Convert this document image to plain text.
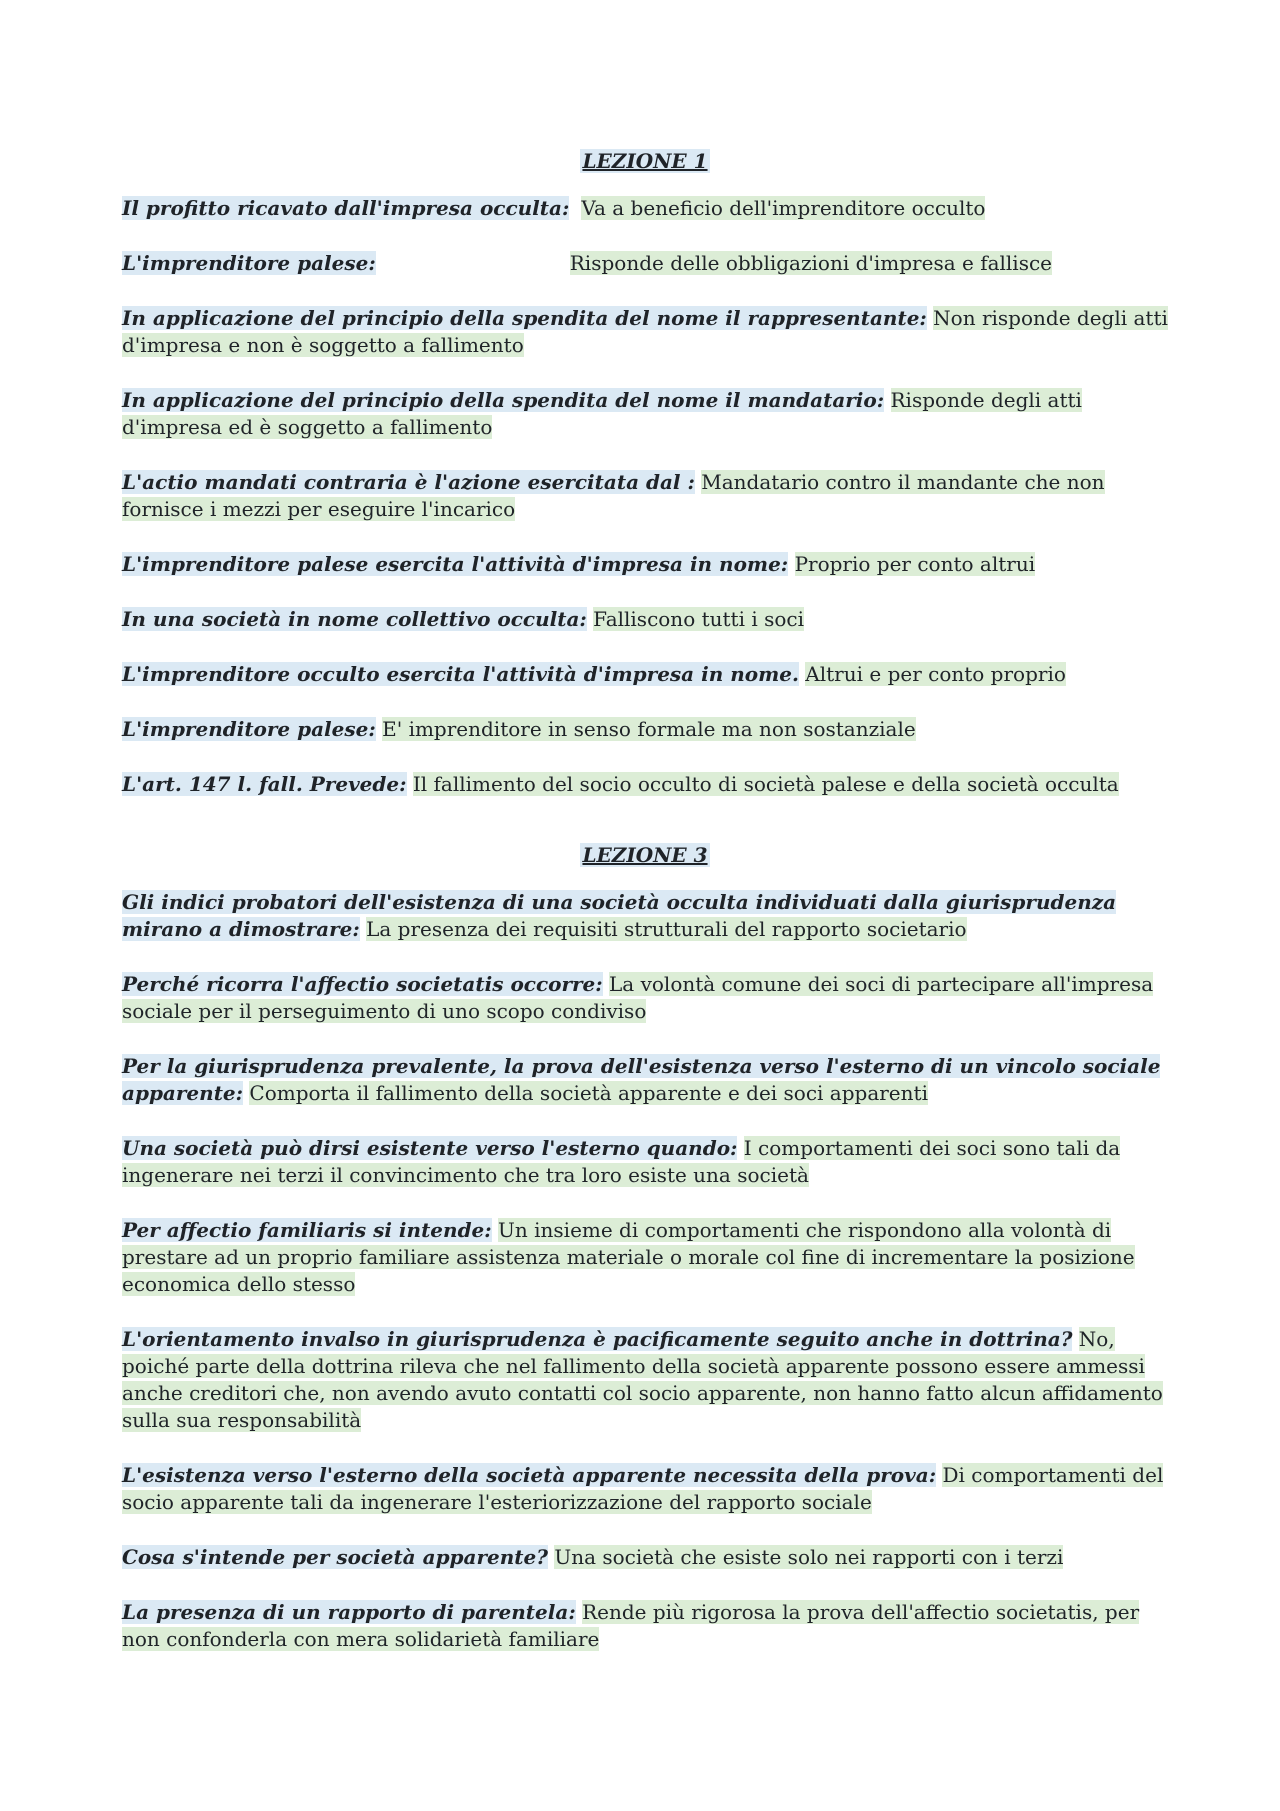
LEZIONE 1

Il profitto ricavato dall'impresa occulta: Va a beneficio dell'imprenditore occulto

L'imprenditore palese:	Risponde delle obbligazioni d'impresa e fallisce

In applicazione del principio della spendita del nome il rappresentante: Non risponde degli atti d'impresa e non è soggetto a fallimento

In applicazione del principio della spendita del nome il mandatario: Risponde degli atti d'impresa ed è soggetto a fallimento

L'actio mandati contraria è l'azione esercitata dal : Mandatario contro il mandante che non fornisce i mezzi per eseguire l'incarico

L'imprenditore palese esercita l'attività d'impresa in nome: Proprio per conto altrui

In una società in nome collettivo occulta: Falliscono tutti i soci

L'imprenditore occulto esercita l'attività d'impresa in nome. Altrui e per conto proprio

L'imprenditore palese: E' imprenditore in senso formale ma non sostanziale

L'art. 147 l. fall. Prevede: Il fallimento del socio occulto di società palese e della società occulta

LEZIONE 3

Gli indici probatori dell'esistenza di una società occulta individuati dalla giurisprudenza mirano a dimostrare: La presenza dei requisiti strutturali del rapporto societario

Perché ricorra l'affectio societatis occorre: La volontà comune dei soci di partecipare all'impresa sociale per il perseguimento di uno scopo condiviso

Per la giurisprudenza prevalente, la prova dell'esistenza verso l'esterno di un vincolo sociale apparente: Comporta il fallimento della società apparente e dei soci apparenti

Una società può dirsi esistente verso l'esterno quando: I comportamenti dei soci sono tali da ingenerare nei terzi il convincimento che tra loro esiste una società

Per affectio familiaris si intende: Un insieme di comportamenti che rispondono alla volontà di prestare ad un proprio familiare assistenza materiale o morale col fine di incrementare la posizione economica dello stesso

L'orientamento invalso in giurisprudenza è pacificamente seguito anche in dottrina? No, poiché parte della dottrina rileva che nel fallimento della società apparente possono essere ammessi anche creditori che, non avendo avuto contatti col socio apparente, non hanno fatto alcun affidamento sulla sua responsabilità

L'esistenza verso l'esterno della società apparente necessita della prova: Di comportamenti del socio apparente tali da ingenerare l'esteriorizzazione del rapporto sociale

Cosa s'intende per società apparente? Una società che esiste solo nei rapporti con i terzi

La presenza di un rapporto di parentela: Rende più rigorosa la prova dell'affectio societatis, per non confonderla con mera solidarietà familiare
